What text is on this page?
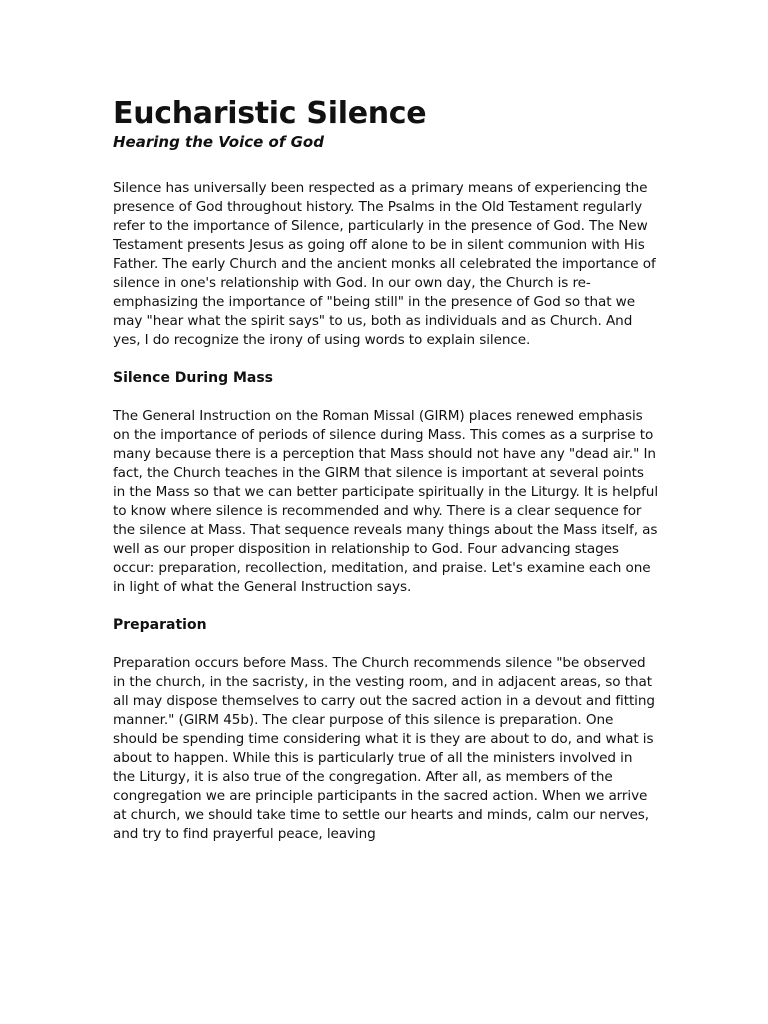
Eucharistic Silence
Hearing the Voice of God

Silence has universally been respected as a primary means of experiencing the presence of God throughout history. The Psalms in the Old Testament regularly refer to the importance of Silence, particularly in the presence of God. The New Testament presents Jesus as going off alone to be in silent communion with His Father. The early Church and the ancient monks all celebrated the importance of silence in one's relationship with God. In our own day, the Church is re-emphasizing the importance of "being still" in the presence of God so that we may "hear what the spirit says" to us, both as individuals and as Church. And yes, I do recognize the irony of using words to explain silence.

Silence During Mass

The General Instruction on the Roman Missal (GIRM) places renewed emphasis on the importance of periods of silence during Mass. This comes as a surprise to many because there is a perception that Mass should not have any "dead air." In fact, the Church teaches in the GIRM that silence is important at several points in the Mass so that we can better participate spiritually in the Liturgy. It is helpful to know where silence is recommended and why. There is a clear sequence for the silence at Mass. That sequence reveals many things about the Mass itself, as well as our proper disposition in relationship to God. Four advancing stages occur: preparation, recollection, meditation, and praise. Let's examine each one in light of what the General Instruction says.

Preparation

Preparation occurs before Mass. The Church recommends silence "be observed in the church, in the sacristy, in the vesting room, and in adjacent areas, so that all may dispose themselves to carry out the sacred action in a devout and fitting manner." (GIRM 45b). The clear purpose of this silence is preparation. One should be spending time considering what it is they are about to do, and what is about to happen. While this is particularly true of all the ministers involved in the Liturgy, it is also true of the congregation. After all, as members of the congregation we are principle participants in the sacred action. When we arrive at church, we should take time to settle our hearts and minds, calm our nerves, and try to find prayerful peace, leaving
